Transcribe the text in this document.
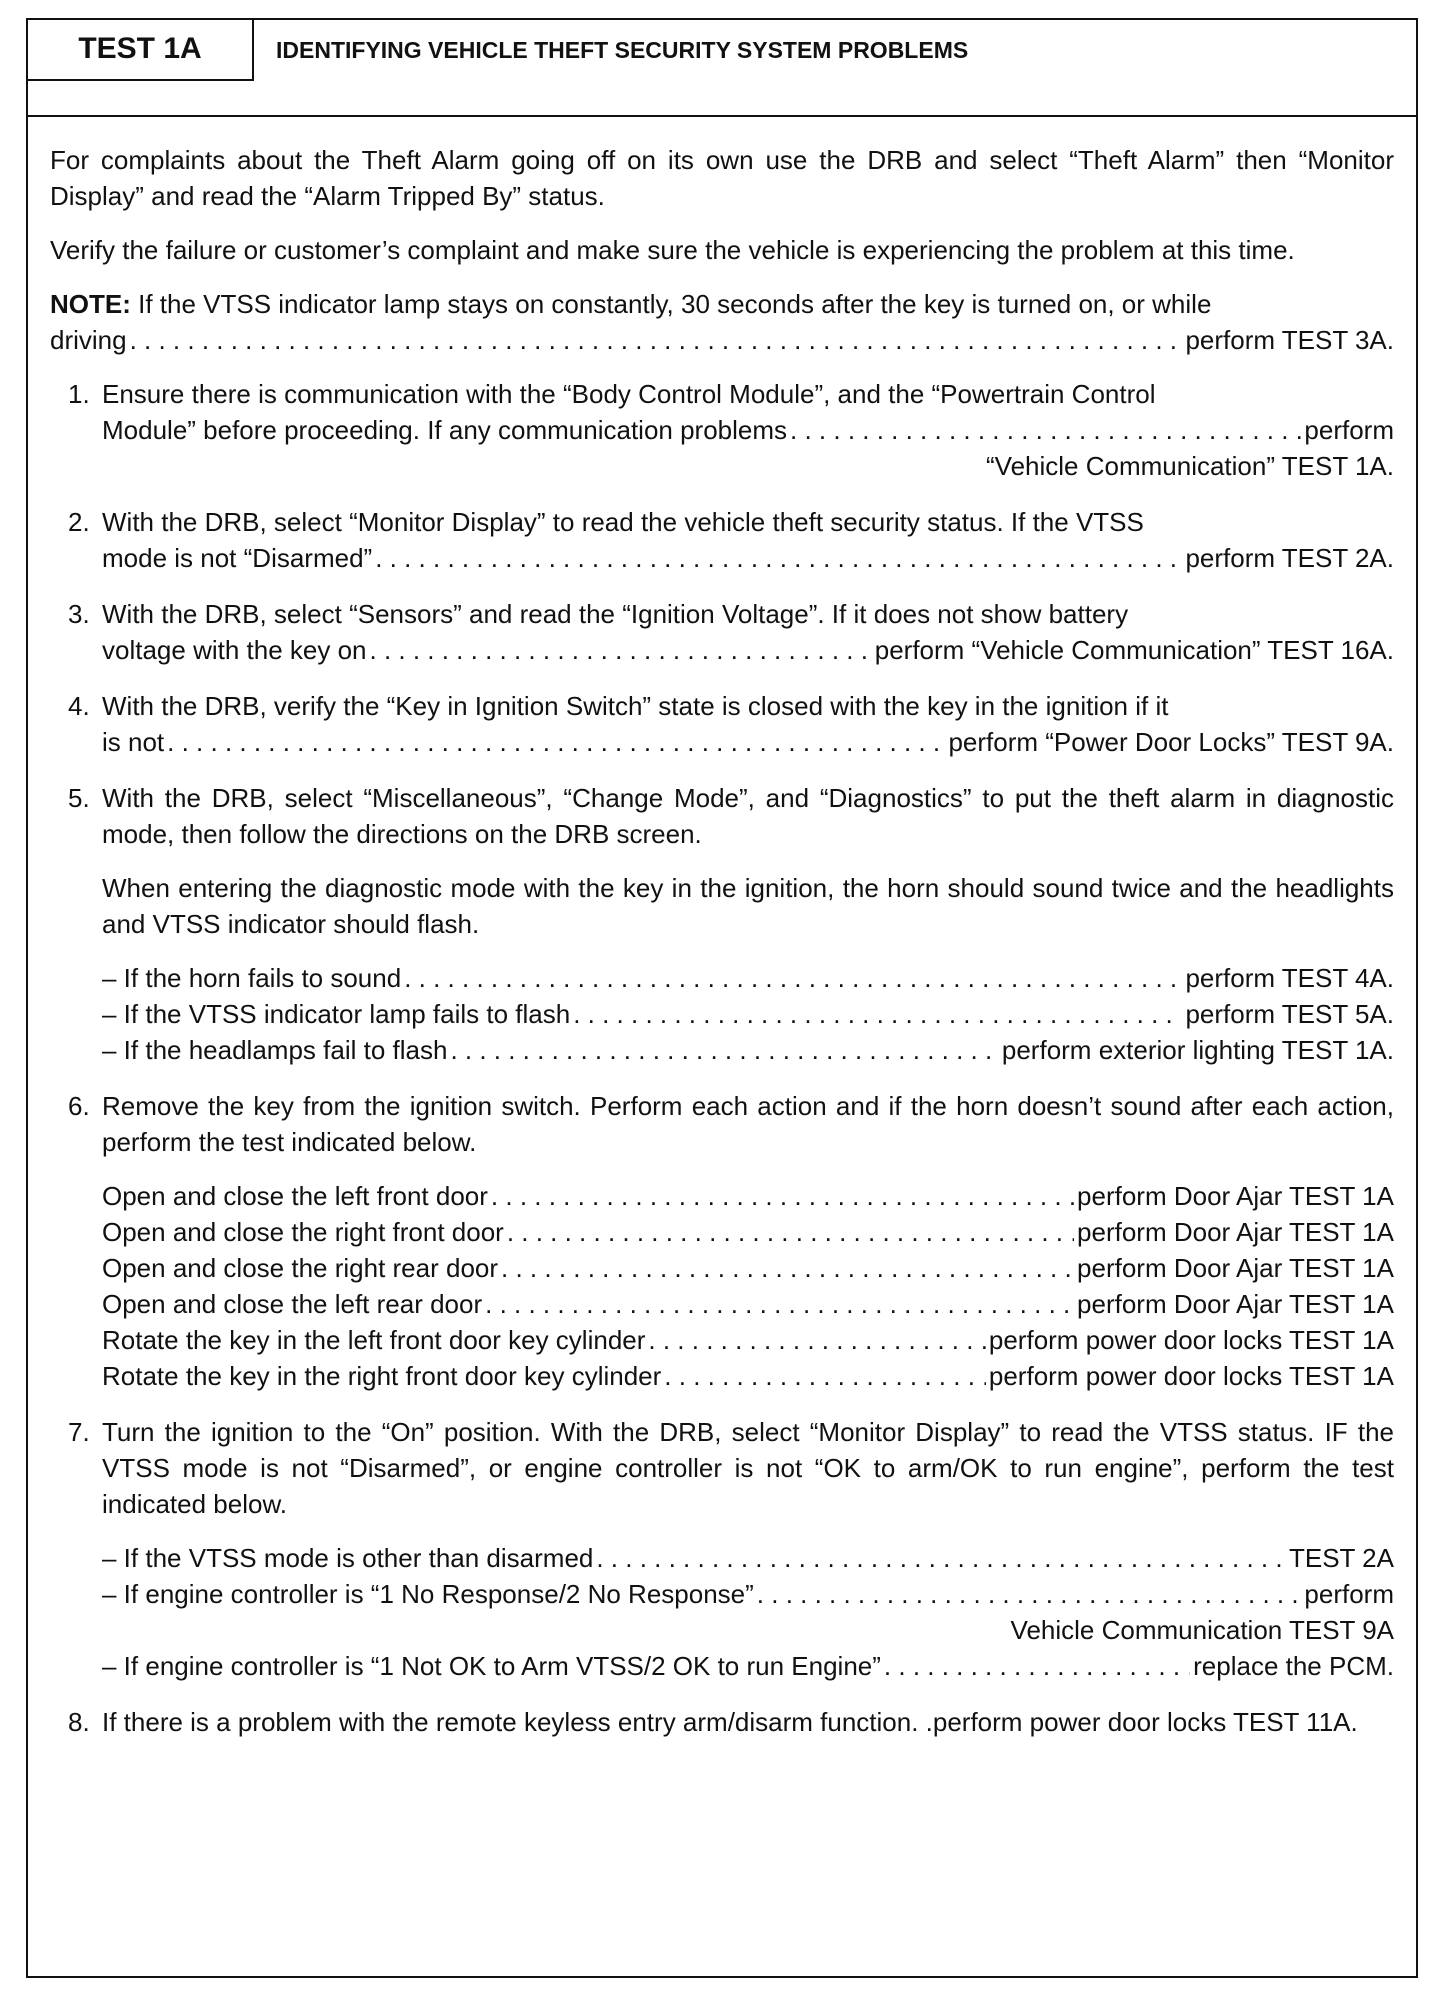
TEST 1A	IDENTIFYING VEHICLE THEFT SECURITY SYSTEM PROBLEMS

For complaints about the Theft Alarm going off on its own use the DRB and select “Theft Alarm” then “Monitor Display” and read the “Alarm Tripped By” status.

Verify the failure or customer’s complaint and make sure the vehicle is experiencing the problem at this time.

NOTE: If the VTSS indicator lamp stays on constantly, 30 seconds after the key is turned on, or while
driving . . .	perform TEST 3A.
1. Ensure there is communication with the “Body Control Module”, and the “Powertrain Control
Module” before proceeding. If any communication problems . . .	perform
“Vehicle Communication” TEST 1A.
2. With the DRB, select “Monitor Display” to read the vehicle theft security status. If the VTSS
mode is not “Disarmed” . . .	perform TEST 2A.
3. With the DRB, select “Sensors” and read the “Ignition Voltage”. If it does not show battery
voltage with the key on . . .	perform “Vehicle Communication” TEST 16A.
4. With the DRB, verify the “Key in Ignition Switch” state is closed with the key in the ignition if it
is not . . .	perform “Power Door Locks” TEST 9A.
5. With the DRB, select “Miscellaneous”, “Change Mode”, and “Diagnostics” to put the theft alarm in diagnostic mode, then follow the directions on the DRB screen.
When entering the diagnostic mode with the key in the ignition, the horn should sound twice and the headlights and VTSS indicator should flash.
– If the horn fails to sound . . .	perform TEST 4A.
– If the VTSS indicator lamp fails to flash . . .	perform TEST 5A.
– If the headlamps fail to flash . . .	perform exterior lighting TEST 1A.
6. Remove the key from the ignition switch. Perform each action and if the horn doesn’t sound after each action, perform the test indicated below.
Open and close the left front door . . .	perform Door Ajar TEST 1A
Open and close the right front door . . .	perform Door Ajar TEST 1A
Open and close the right rear door . . .	perform Door Ajar TEST 1A
Open and close the left rear door . . .	perform Door Ajar TEST 1A
Rotate the key in the left front door key cylinder . . .	perform power door locks TEST 1A
Rotate the key in the right front door key cylinder . . .	perform power door locks TEST 1A
7. Turn the ignition to the “On” position. With the DRB, select “Monitor Display” to read the VTSS status. IF the VTSS mode is not “Disarmed”, or engine controller is not “OK to arm/OK to run engine”, perform the test indicated below.
– If the VTSS mode is other than disarmed . . .	TEST 2A
– If engine controller is “1 No Response/2 No Response” . . .	perform
Vehicle Communication TEST 9A
– If engine controller is “1 Not OK to Arm VTSS/2 OK to run Engine” . . .	replace the PCM.
8. If there is a problem with the remote keyless entry arm/disarm function. .perform power door locks TEST 11A.
